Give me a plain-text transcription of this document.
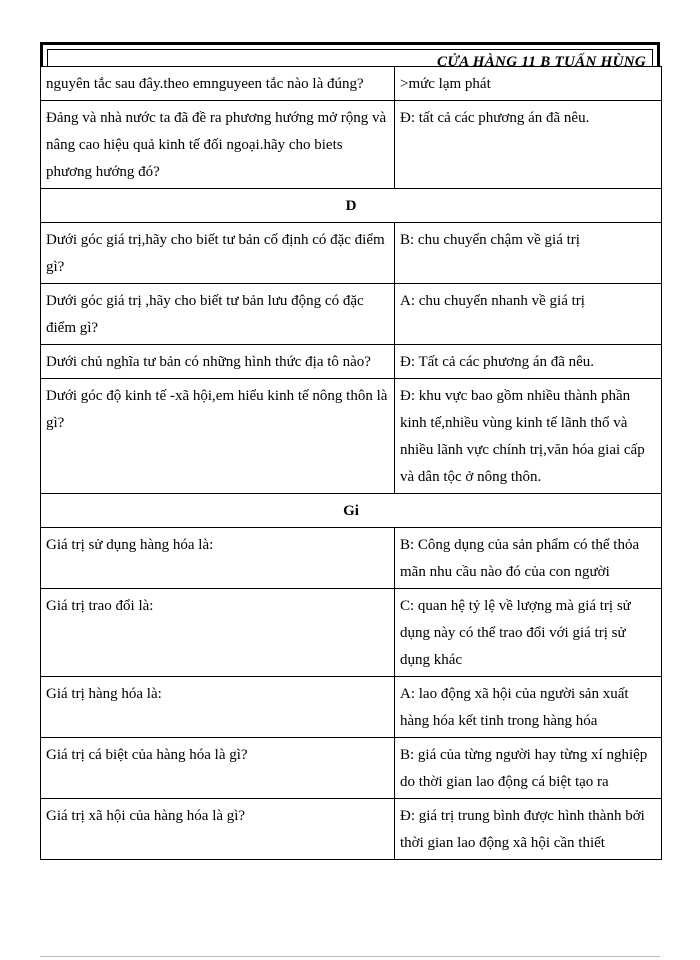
CỬA HÀNG 11 B TUẤN HÙNG
nguyên tắc sau đây.theo emnguyeen tắc nào là đúng?	>mức lạm phát
Đảng và nhà nước ta đã đề ra phương hướng mở rộng và nâng cao hiệu quả kinh tế đối ngoại.hãy cho biets phương hướng đó?	Đ: tất cả các phương án đã nêu.
D	
Dưới góc giá trị,hãy cho biết tư bản cố định có đặc điểm gì?	B: chu chuyển chậm về giá trị
Dưới góc giá trị ,hãy cho biết tư bản lưu động có đặc điểm gì?	A: chu chuyển nhanh về giá trị
Dưới chủ nghĩa tư bản có những hình thức địa tô nào?	Đ: Tất cả các phương án đã nêu.
Dưới góc độ kinh tế -xã hội,em hiểu kinh tế nông thôn là gì?	Đ: khu vực bao gồm nhiều thành phần kinh tế,nhiều vùng kinh tế lãnh thổ và nhiều lãnh vực chính trị,văn hóa giai cấp và dân tộc ở nông thôn.
Gi	
Giá trị sử dụng hàng hóa là:	B: Công dụng của sản phẩm có thể thỏa mãn nhu cầu nào đó của con người
Giá trị trao đổi là:	C: quan hệ tỷ lệ về lượng mà giá trị sử dụng này có thể trao đổi với giá trị sử dụng khác
Giá trị hàng hóa là:	A: lao động xã hội của người sản xuất hàng hóa kết tinh trong hàng hóa
Giá trị cá biệt của hàng hóa là gì?	B: giá của từng người hay từng xí nghiệp do thời gian lao động cá biệt tạo ra
Giá trị xã hội của hàng hóa là gì?	Đ: giá trị trung bình được hình thành bởi thời gian lao động xã hội cần thiết
